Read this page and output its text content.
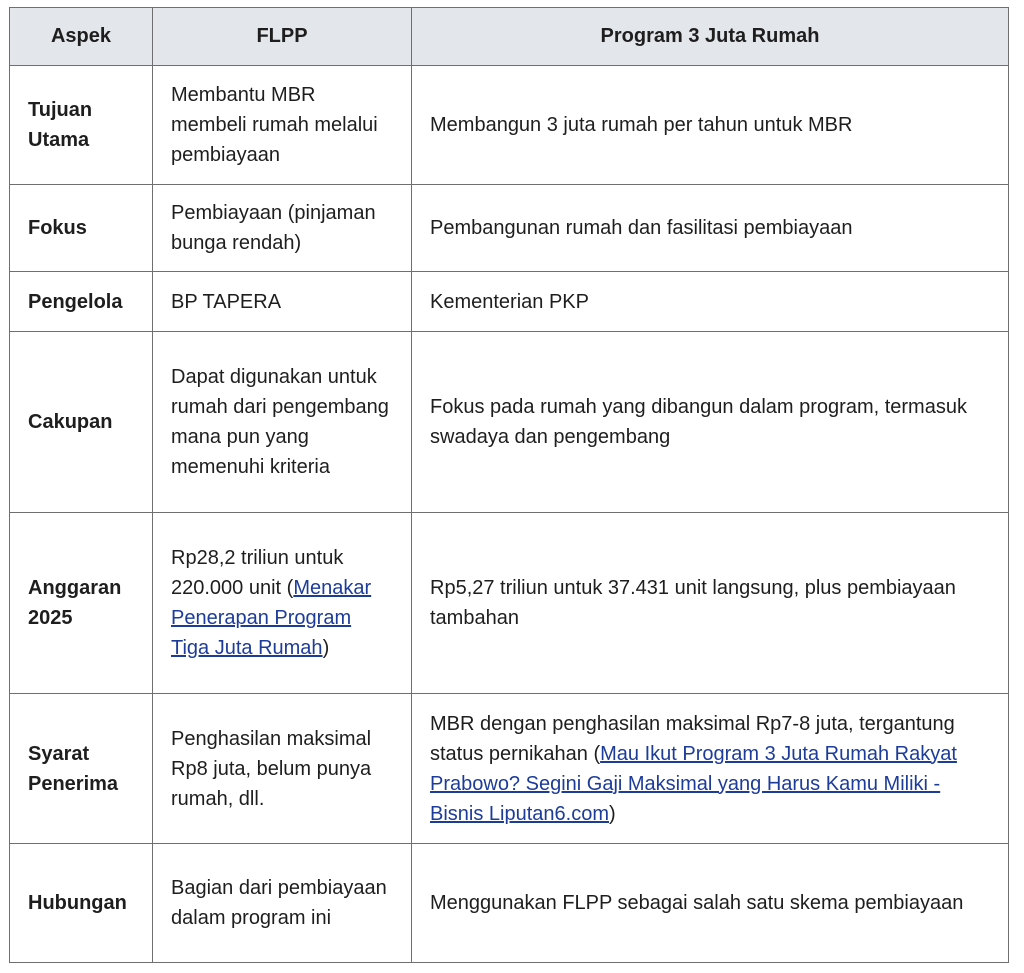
Aspek	FLPP	Program 3 Juta Rumah
Tujuan Utama	Membantu MBR membeli rumah melalui pembiayaan	Membangun 3 juta rumah per tahun untuk MBR
Fokus	Pembiayaan (pinjaman bunga rendah)	Pembangunan rumah dan fasilitasi pembiayaan
Pengelola	BP TAPERA	Kementerian PKP
Cakupan	Dapat digunakan untuk rumah dari pengembang mana pun yang memenuhi kriteria	Fokus pada rumah yang dibangun dalam program, termasuk swadaya dan pengembang
Anggaran 2025	Rp28,2 triliun untuk 220.000 unit (Menakar Penerapan Program Tiga Juta Rumah)	Rp5,27 triliun untuk 37.431 unit langsung, plus pembiayaan tambahan
Syarat Penerima	Penghasilan maksimal Rp8 juta, belum punya rumah, dll.	MBR dengan penghasilan maksimal Rp7-8 juta, tergantung status pernikahan (Mau Ikut Program 3 Juta Rumah Rakyat Prabowo? Segini Gaji Maksimal yang Harus Kamu Miliki - Bisnis Liputan6.com)
Hubungan	Bagian dari pembiayaan dalam program ini	Menggunakan FLPP sebagai salah satu skema pembiayaan
